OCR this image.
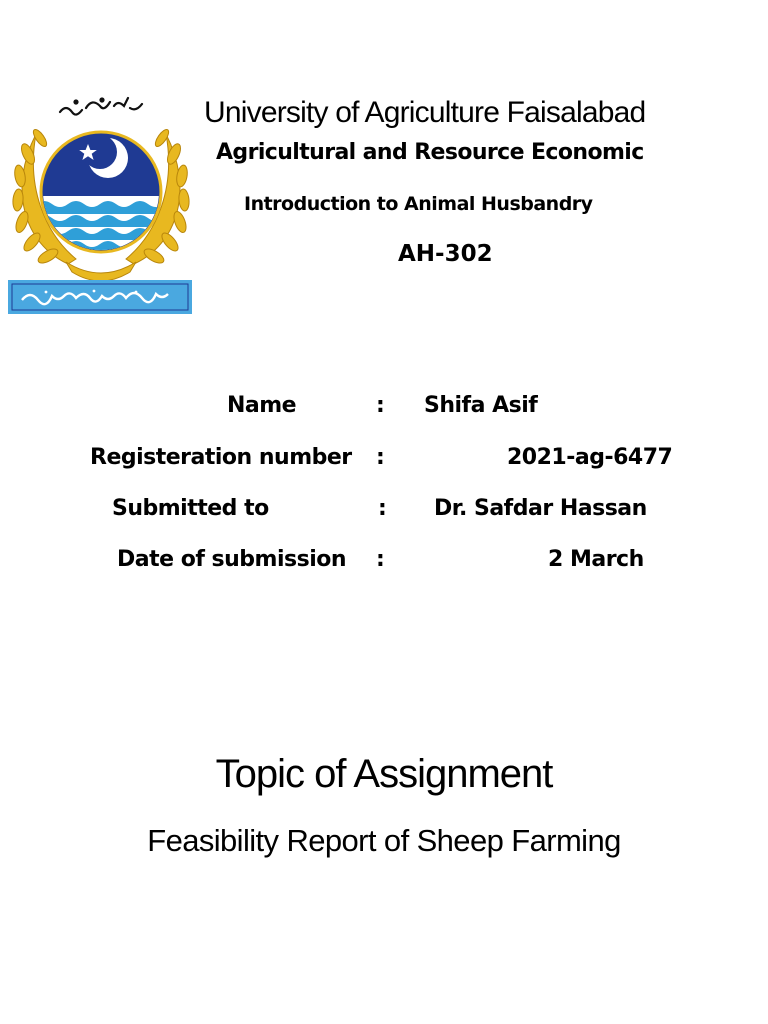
University of Agriculture Faisalabad
Agricultural and Resource Economic
Introduction to Animal Husbandry
AH-302
Name	: Shifa Asif
Registeration number :	2021-ag-6477
Submitted to	: Dr. Safdar Hassan
Date of submission :	2 March
Topic of Assignment
Feasibility Report of Sheep Farming
